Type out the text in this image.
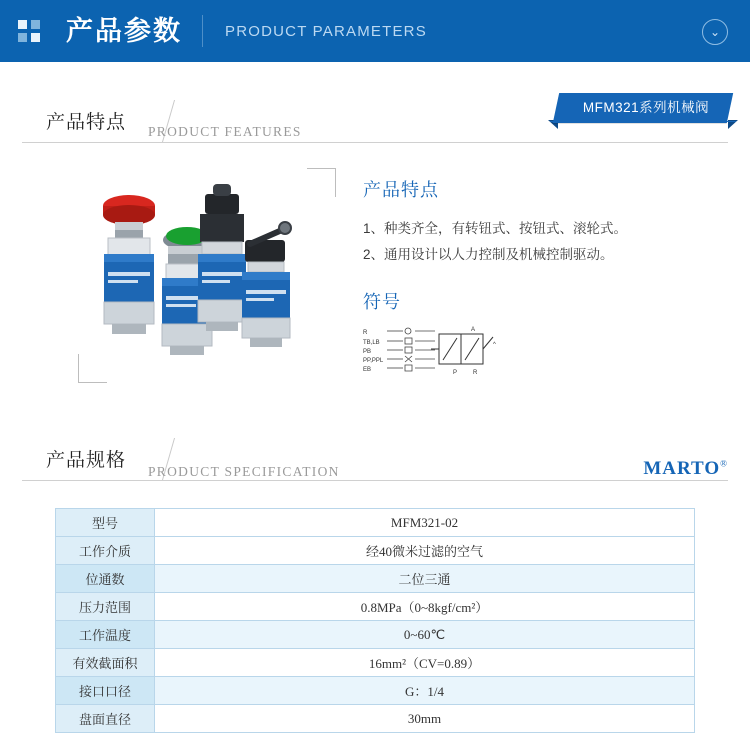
产品参数	PRODUCT PARAMETERS	⌄
产品特点 PRODUCT FEATURES
MFM321系列机械阀
产品特点
1、种类齐全，有转钮式、按钮式、滚轮式。
2、通用设计以人力控制及机械控制驱动。
符号
R
TB,LB
PB
PP,PPL
EB
A
^
P	R
产品规格
PRODUCT SPECIFICATION	MARTO®
型号	MFM321-02
工作介质	经40微米过滤的空气
位通数	二位三通
压力范围	0.8MPa（0~8kgf/cm²）
工作温度	0~60℃
有效截面积	16mm²（CV=0.89）
接口口径	G：1/4
盘面直径	30mm
